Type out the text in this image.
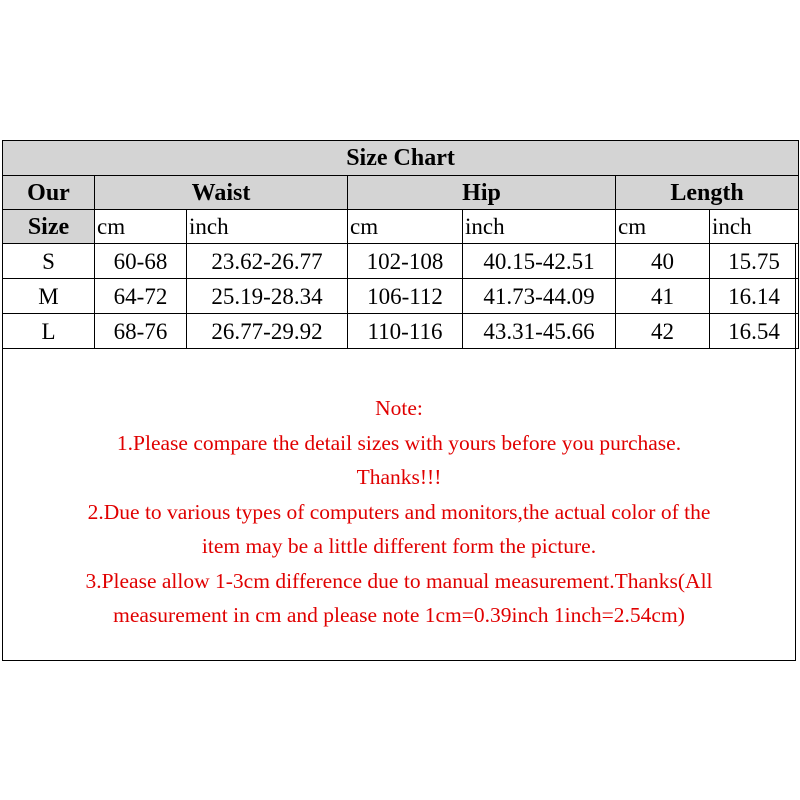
Size Chart						
Our	Waist		Hip		Length	
Size	cm	inch	cm	inch	cm	inch
S	60-68	23.62-26.77	102-108	40.15-42.51	40	15.75
M	64-72	25.19-28.34	106-112	41.73-44.09	41	16.14
L	68-76	26.77-29.92	110-116	43.31-45.66	42	16.54
Note:
1.Please compare the detail sizes with yours before you purchase.
Thanks!!!
2.Due to various types of computers and monitors,the actual color of the
item may be a little different form the picture.
3.Please allow 1-3cm difference due to manual measurement.Thanks(All
measurement in cm and please note 1cm=0.39inch 1inch=2.54cm)
